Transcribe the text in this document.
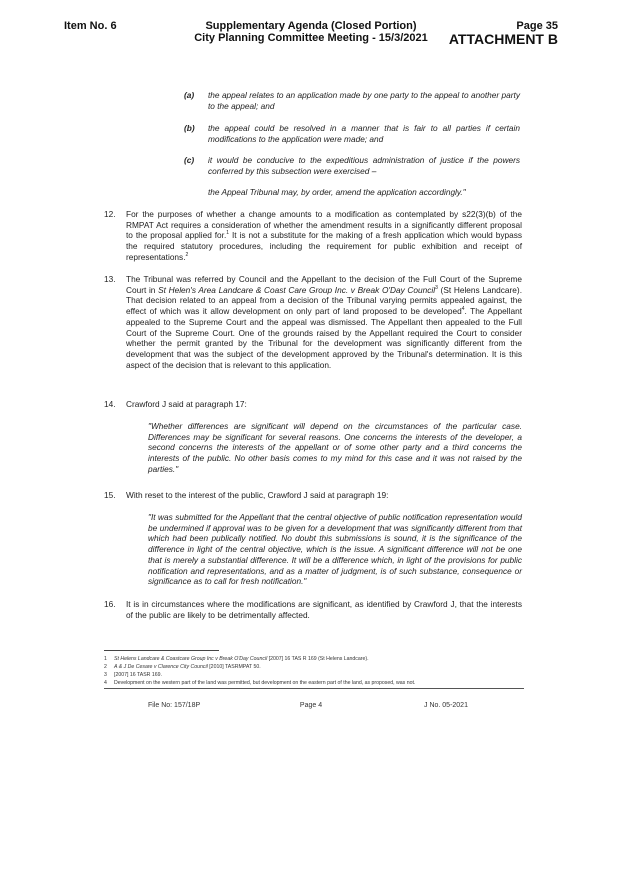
Item No. 6	Supplementary Agenda (Closed Portion)
City Planning Committee Meeting - 15/3/2021
Page 35
ATTACHMENT B
(a) the appeal relates to an application made by one party to the appeal to another party to the appeal; and
(b) the appeal could be resolved in a manner that is fair to all parties if certain modifications to the application were made; and
(c) it would be conducive to the expeditious administration of justice if the powers conferred by this subsection were exercised –
the Appeal Tribunal may, by order, amend the application accordingly."
12. For the purposes of whether a change amounts to a modification as contemplated by s22(3)(b) of the RMPAT Act requires a consideration of whether the amendment results in a significantly different proposal to the proposal applied for.$^1$ It is not a substitute for the making of a fresh application which would bypass the required statutory procedures, including the requirement for public exhibition and receipt of representations.$^2$
13. The Tribunal was referred by Council and the Appellant to the decision of the Full Court of the Supreme Court in St Helen's Area Landcare & Coast Care Group Inc. v Break O'Day Council$^3$ (St Helens Landcare). That decision related to an appeal from a decision of the Tribunal varying permits appealed against, the effect of which was it allow development on only part of land proposed to be developed$^4$. The Appellant appealed to the Supreme Court and the appeal was dismissed. The Appellant then appealed to the Full Court of the Supreme Court. One of the grounds raised by the Appellant required the Court to consider whether the permit granted by the Tribunal for the development was significantly different from the development that was the subject of the development approved by the Tribunal's determination. It is this aspect of the decision that is relevant to this application.
14. Crawford J said at paragraph 17:
"Whether differences are significant will depend on the circumstances of the particular case. Differences may be significant for several reasons. One concerns the interests of the developer, a second concerns the interests of the appellant or of some other party and a third concerns the interests of the public. No other basis comes to my mind for this case and it was not raised by the parties."
15. With reset to the interest of the public, Crawford J said at paragraph 19:
"It was submitted for the Appellant that the central objective of public notification representation would be undermined if approval was to be given for a development that was significantly different from that which had been publically notified. No doubt this submissions is sound, it is the significance of the difference in light of the central objective, which is the issue. A significant difference will not be one that is merely a substantial difference. It will be a difference which, in light of the provisions for public notification and representations, and as a matter of judgment, is of such substance, consequence or significance as to call for fresh notification."
16. It is in circumstances where the modifications are significant, as identified by Crawford J, that the interests of the public are likely to be detrimentally affected.
1 St Helens Landcare & Coastcare Group Inc v Break O'Day Council [2007] 16 TAS R 169 (St Helens Landcare).
2 A & J De Cesare v Clarence City Council [2010] TASRMPAT 50.
3 [2007] 16 TASR 169.
4 Development on the western part of the land was permitted, but development on the eastern part of the land, as proposed, was not.
File No: 157/18P	Page 4	J No. 05-2021
